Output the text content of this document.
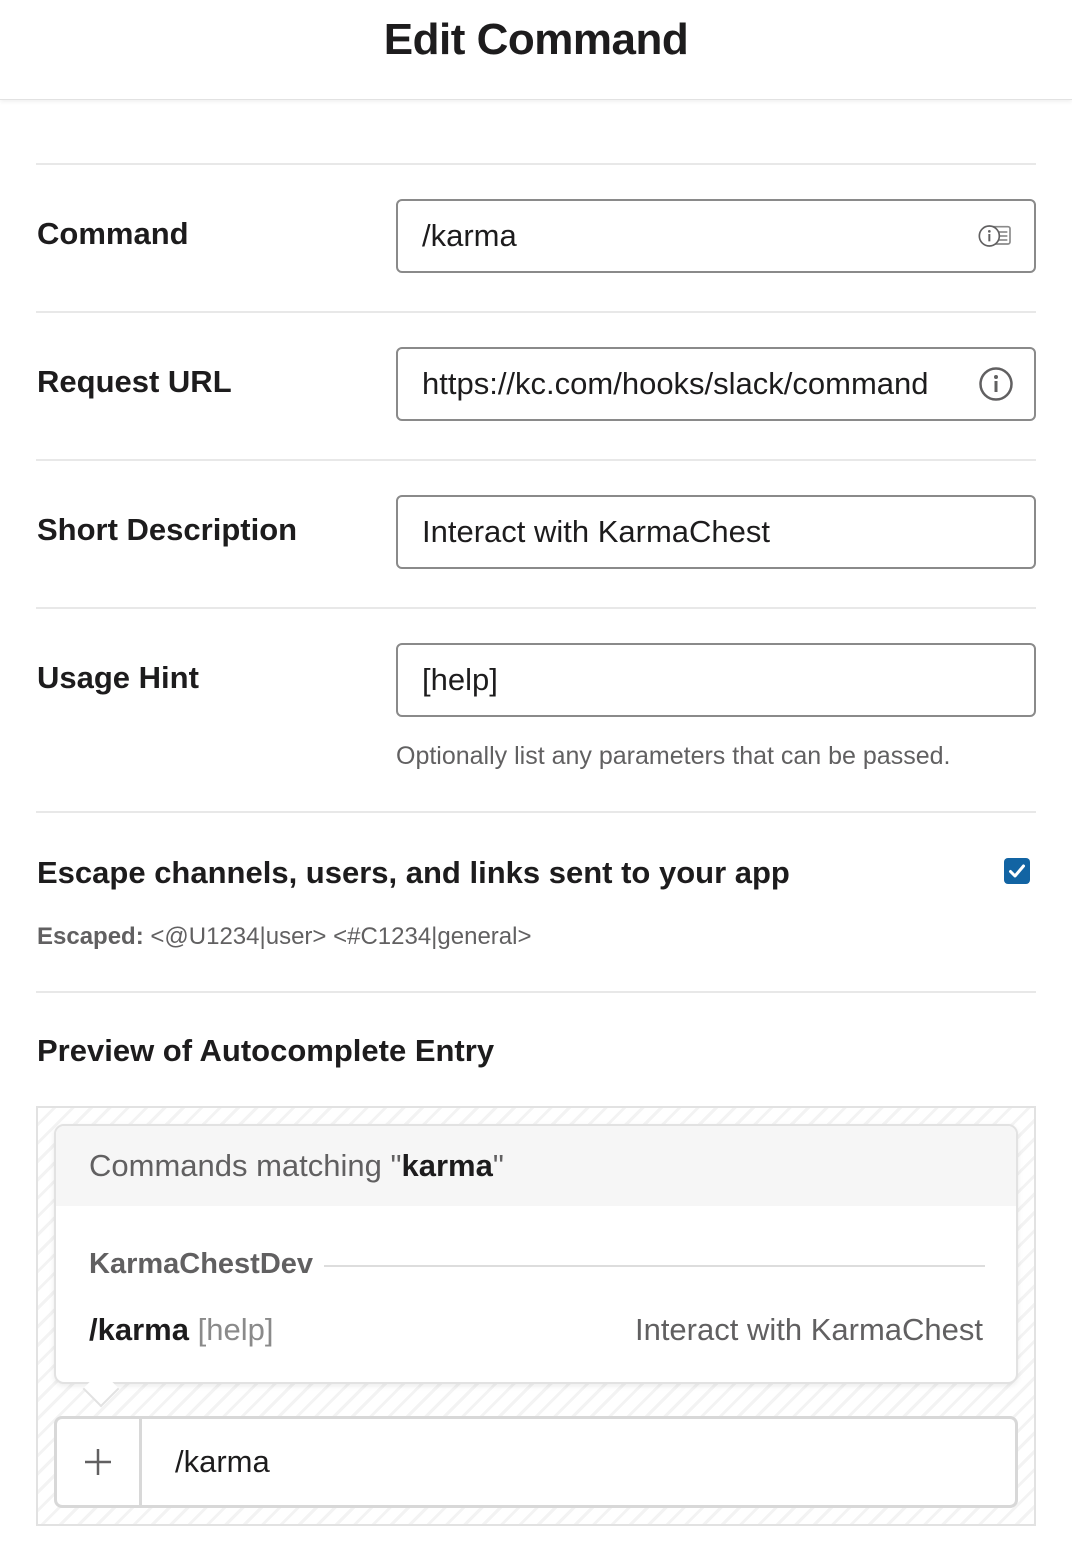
Edit Command
Command	/karma
Request URL	https://kc.com/hooks/slack/command
Short Description	Interact with KarmaChest
Usage Hint	[help]
Optionally list any parameters that can be passed.
Escape channels, users, and links sent to your app
Escaped: <@U1234|user> <#C1234|general>
Preview of Autocomplete Entry
Commands matching " karma "
KarmaChestDev
/karma [help]	Interact with KarmaChest
/karma
